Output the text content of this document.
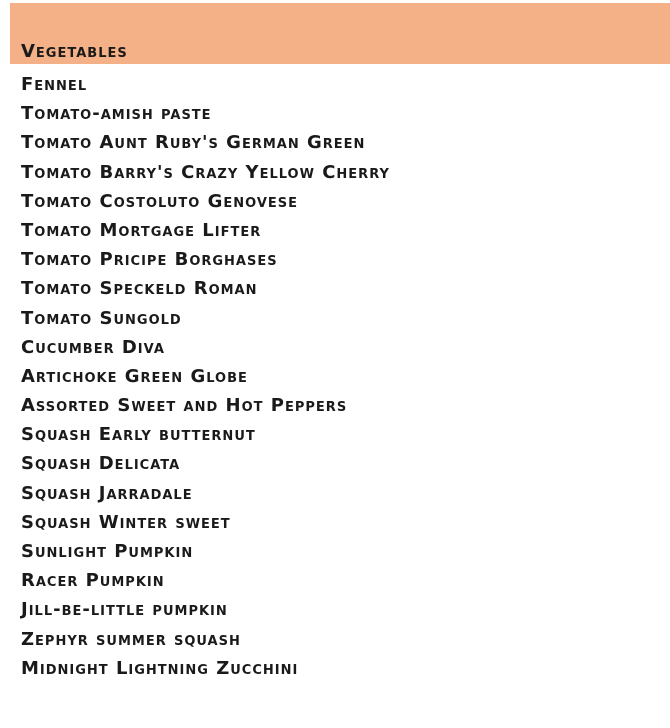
Vegetables
Fennel
Tomato-amish paste
Tomato Aunt Ruby's German Green
Tomato Barry's Crazy Yellow Cherry
Tomato Costoluto Genovese
Tomato Mortgage Lifter
Tomato Pricipe Borghases
Tomato Speckeld Roman
Tomato Sungold
Cucumber Diva
Artichoke Green Globe
Assorted Sweet and Hot Peppers
Squash Early butternut
Squash Delicata
Squash Jarradale
Squash Winter sweet
Sunlight Pumpkin
Racer Pumpkin
Jill-be-little pumpkin
Zephyr summer squash
Midnight Lightning Zucchini
